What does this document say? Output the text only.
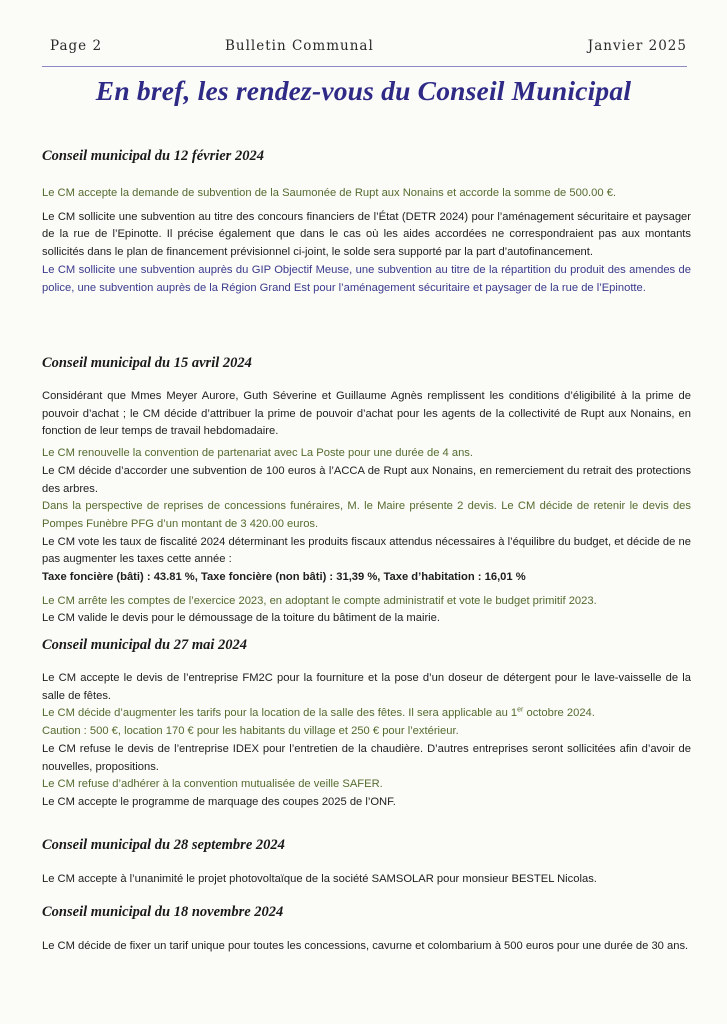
Page 2	Bulletin Communal	Janvier 2025
En bref, les rendez-vous du Conseil Municipal
Conseil municipal du 12 février 2024

Le CM accepte la demande de subvention de la Saumonée de Rupt aux Nonains et accorde la somme de 500.00 €.

Le CM sollicite une subvention au titre des concours financiers de l’État (DETR 2024) pour l’aménagement sécuritaire et paysager de la rue de l’Epinotte. Il précise également que dans le cas où les aides accordées ne correspondraient pas aux montants sollicités dans le plan de financement prévisionnel ci-joint, le solde sera supporté par la part d’autofinancement.

Le CM sollicite une subvention auprès du GIP Objectif Meuse, une subvention au titre de la répartition du produit des amendes de police, une subvention auprès de la Région Grand Est pour l’aménagement sécuritaire et paysager de la rue de l’Epinotte.

Conseil municipal du 15 avril 2024

Considérant que Mmes Meyer Aurore, Guth Séverine et Guillaume Agnès remplissent les conditions d’éligibilité à la prime de pouvoir d’achat ; le CM décide d’attribuer la prime de pouvoir d’achat pour les agents de la collectivité de Rupt aux Nonains, en fonction de leur temps de travail hebdomadaire.

Le CM renouvelle la convention de partenariat avec La Poste pour une durée de 4 ans.

Le CM décide d’accorder une subvention de 100 euros à l’ACCA de Rupt aux Nonains, en remerciement du retrait des protections des arbres.

Dans la perspective de reprises de concessions funéraires, M. le Maire présente 2 devis. Le CM décide de retenir le devis des Pompes Funèbre PFG d’un montant de 3 420.00 euros.

Le CM vote les taux de fiscalité 2024 déterminant les produits fiscaux attendus nécessaires à l’équilibre du budget, et décide de ne pas augmenter les taxes cette année :

Taxe foncière (bâti) : 43.81 %, Taxe foncière (non bâti) : 31,39 %, Taxe d’habitation : 16,01 %

Le CM arrête les comptes de l’exercice 2023, en adoptant le compte administratif et vote le budget primitif 2023.

Le CM valide le devis pour le démoussage de la toiture du bâtiment de la mairie.

Conseil municipal du 27 mai 2024

Le CM accepte le devis de l’entreprise FM2C pour la fourniture et la pose d’un doseur de détergent pour le lave-vaisselle de la salle de fêtes.

Le CM décide d’augmenter les tarifs pour la location de la salle des fêtes. Il sera applicable au 1er octobre 2024.

Caution : 500 €, location 170 € pour les habitants du village et 250 € pour l’extérieur.

Le CM refuse le devis de l’entreprise IDEX pour l’entretien de la chaudière. D’autres entreprises seront sollicitées afin d’avoir de nouvelles, propositions.

Le CM refuse d’adhérer à la convention mutualisée de veille SAFER.

Le CM accepte le programme de marquage des coupes 2025 de l’ONF.

Conseil municipal du 28 septembre 2024

Le CM accepte à l’unanimité le projet photovoltaïque de la société SAMSOLAR pour monsieur BESTEL Nicolas.

Conseil municipal du 18 novembre 2024

Le CM décide de fixer un tarif unique pour toutes les concessions, cavurne et colombarium à 500 euros pour une durée de 30 ans.
